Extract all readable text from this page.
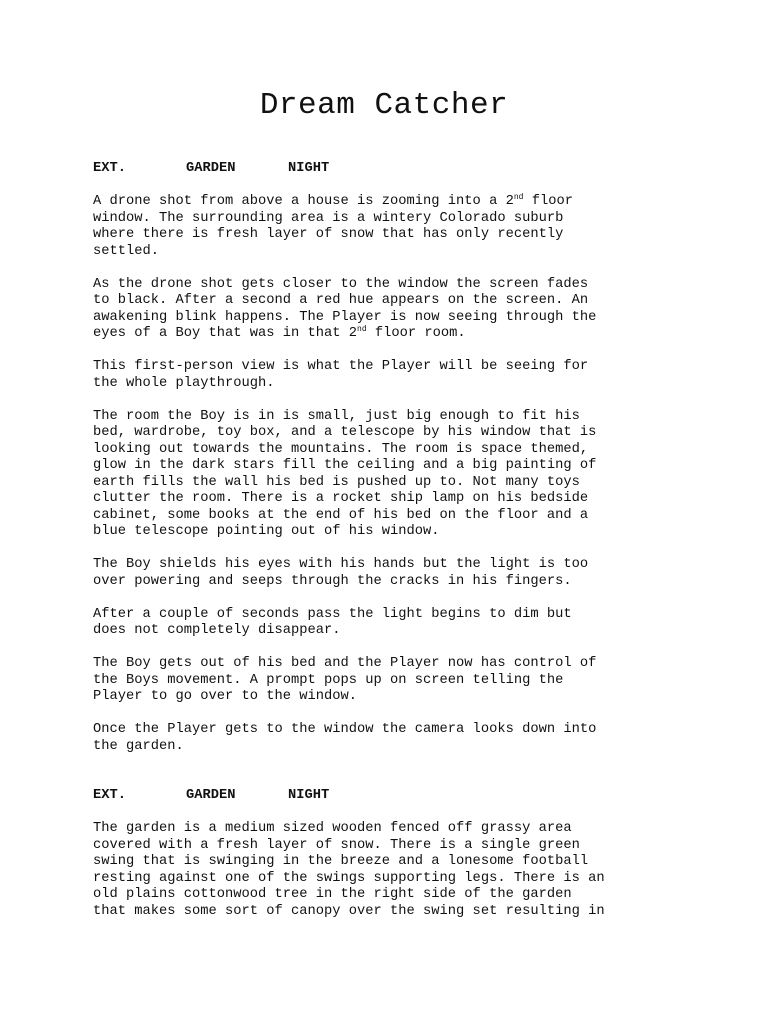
Dream Catcher
EXT.	GARDEN	NIGHT
A drone shot from above a house is zooming into a 2nd floor
window. The surrounding area is a wintery Colorado suburb
where there is fresh layer of snow that has only recently
settled.
As the drone shot gets closer to the window the screen fades
to black. After a second a red hue appears on the screen. An
awakening blink happens. The Player is now seeing through the
eyes of a Boy that was in that 2nd floor room.
This first-person view is what the Player will be seeing for
the whole playthrough.
The room the Boy is in is small, just big enough to fit his
bed, wardrobe, toy box, and a telescope by his window that is
looking out towards the mountains. The room is space themed,
glow in the dark stars fill the ceiling and a big painting of
earth fills the wall his bed is pushed up to. Not many toys
clutter the room. There is a rocket ship lamp on his bedside
cabinet, some books at the end of his bed on the floor and a
blue telescope pointing out of his window.
The Boy shields his eyes with his hands but the light is too
over powering and seeps through the cracks in his fingers.
After a couple of seconds pass the light begins to dim but
does not completely disappear.
The Boy gets out of his bed and the Player now has control of
the Boys movement. A prompt pops up on screen telling the
Player to go over to the window.
Once the Player gets to the window the camera looks down into
the garden.
EXT.	GARDEN	NIGHT
The garden is a medium sized wooden fenced off grassy area
covered with a fresh layer of snow. There is a single green
swing that is swinging in the breeze and a lonesome football
resting against one of the swings supporting legs. There is an
old plains cottonwood tree in the right side of the garden
that makes some sort of canopy over the swing set resulting in
